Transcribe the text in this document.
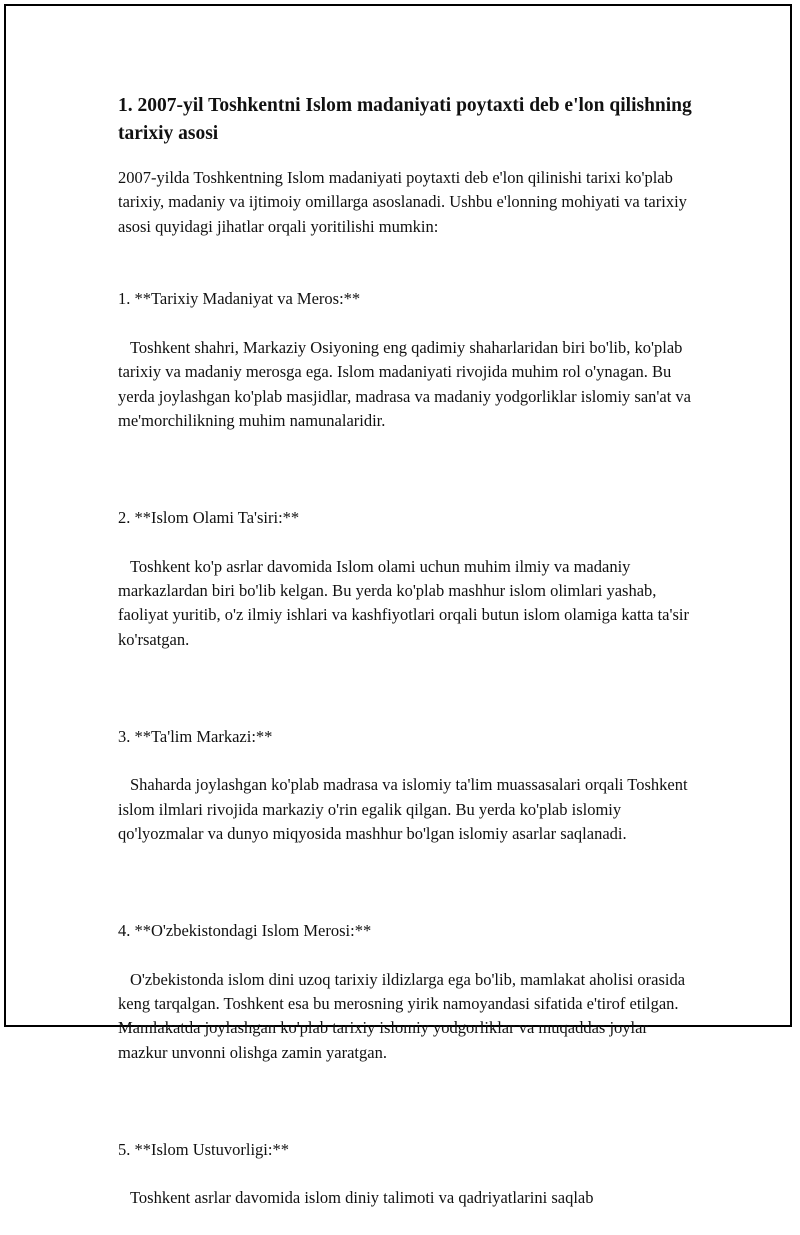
1. 2007-yil Toshkentni Islom madaniyati poytaxti deb e'lon qilishning tarixiy asosi

2007-yilda Toshkentning Islom madaniyati poytaxti deb e'lon qilinishi tarixi ko'plab tarixiy, madaniy va ijtimoiy omillarga asoslanadi. Ushbu e'lonning mohiyati va tarixiy asosi quyidagi jihatlar orqali yoritilishi mumkin:

1. **Tarixiy Madaniyat va Meros:**

Toshkent shahri, Markaziy Osiyoning eng qadimiy shaharlaridan biri bo'lib, ko'plab tarixiy va madaniy merosga ega. Islom madaniyati rivojida muhim rol o'ynagan. Bu yerda joylashgan ko'plab masjidlar, madrasa va madaniy yodgorliklar islomiy san'at va me'morchilikning muhim namunalaridir.

2. **Islom Olami Ta'siri:**

Toshkent ko'p asrlar davomida Islom olami uchun muhim ilmiy va madaniy markazlardan biri bo'lib kelgan. Bu yerda ko'plab mashhur islom olimlari yashab, faoliyat yuritib, o'z ilmiy ishlari va kashfiyotlari orqali butun islom olamiga katta ta'sir ko'rsatgan.

3. **Ta'lim Markazi:**

Shaharda joylashgan ko'plab madrasa va islomiy ta'lim muassasalari orqali Toshkent islom ilmlari rivojida markaziy o'rin egalik qilgan. Bu yerda ko'plab islomiy qo'lyozmalar va dunyo miqyosida mashhur bo'lgan islomiy asarlar saqlanadi.

4. **O'zbekistondagi Islom Merosi:**

O'zbekistonda islom dini uzoq tarixiy ildizlarga ega bo'lib, mamlakat aholisi orasida keng tarqalgan. Toshkent esa bu merosning yirik namoyandasi sifatida e'tirof etilgan. Mamlakatda joylashgan ko'plab tarixiy islomiy yodgorliklar va muqaddas joylar mazkur unvonni olishga zamin yaratgan.

5. **Islom Ustuvorligi:**

Toshkent asrlar davomida islom diniy talimoti va qadriyatlarini saqlab
